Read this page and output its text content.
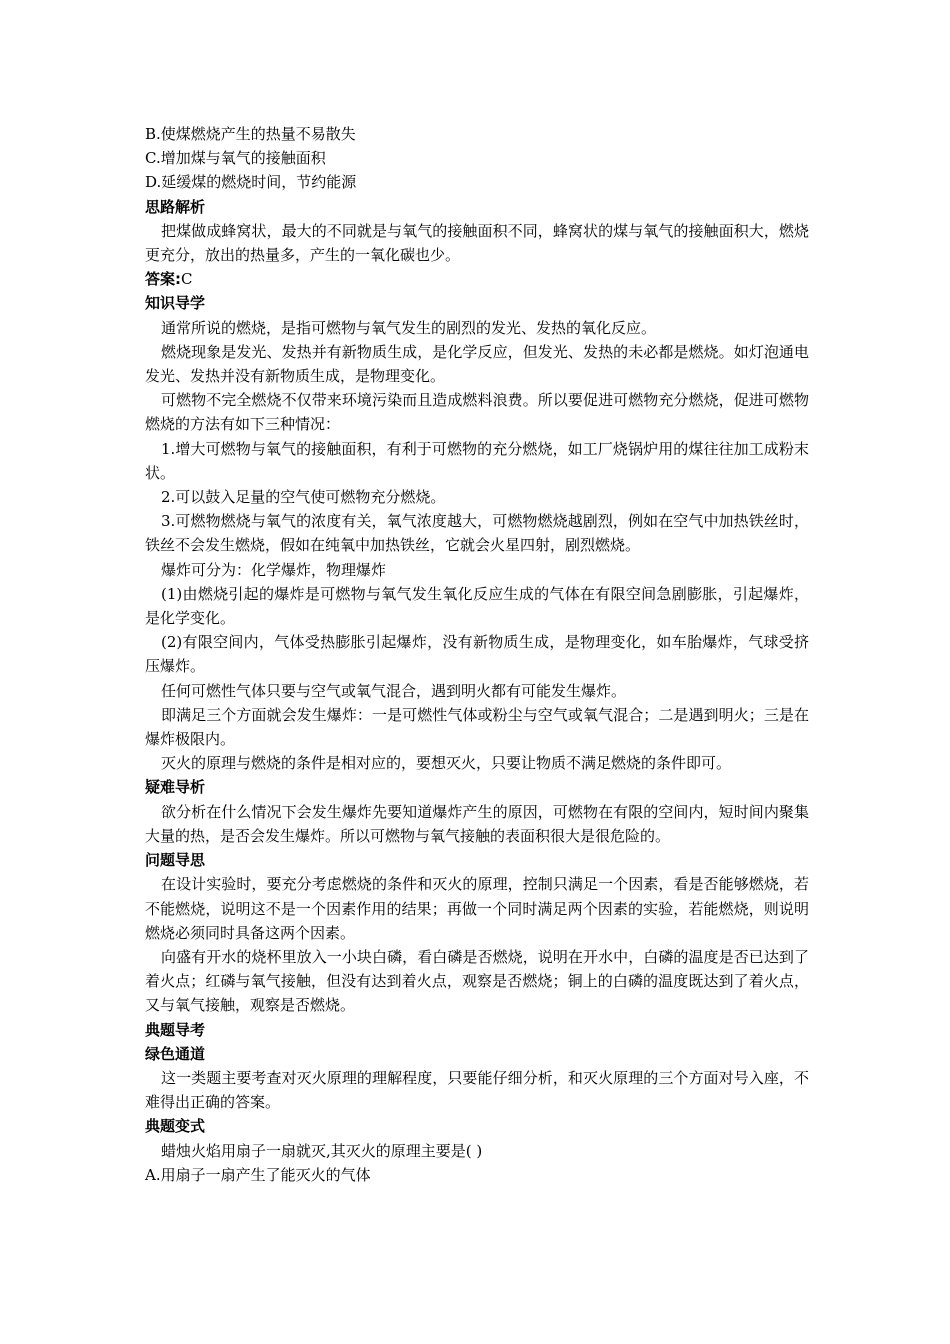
B.使煤燃烧产生的热量不易散失

C.增加煤与氧气的接触面积

D.延缓煤的燃烧时间，节约能源

思路解析

把煤做成蜂窝状，最大的不同就是与氧气的接触面积不同，蜂窝状的煤与氧气的接触面积大，燃烧更充分，放出的热量多，产生的一氧化碳也少。

答案:C

知识导学

通常所说的燃烧，是指可燃物与氧气发生的剧烈的发光、发热的氧化反应。

燃烧现象是发光、发热并有新物质生成，是化学反应，但发光、发热的未必都是燃烧。如灯泡通电发光、发热并没有新物质生成，是物理变化。

可燃物不完全燃烧不仅带来环境污染而且造成燃料浪费。所以要促进可燃物充分燃烧，促进可燃物燃烧的方法有如下三种情况：

1.增大可燃物与氧气的接触面积，有利于可燃物的充分燃烧，如工厂烧锅炉用的煤往往加工成粉末状。

2.可以鼓入足量的空气使可燃物充分燃烧。

3.可燃物燃烧与氧气的浓度有关，氧气浓度越大，可燃物燃烧越剧烈，例如在空气中加热铁丝时，铁丝不会发生燃烧，假如在纯氧中加热铁丝，它就会火星四射，剧烈燃烧。

爆炸可分为：化学爆炸，物理爆炸

(1)由燃烧引起的爆炸是可燃物与氧气发生氧化反应生成的气体在有限空间急剧膨胀，引起爆炸，是化学变化。

(2)有限空间内，气体受热膨胀引起爆炸，没有新物质生成，是物理变化，如车胎爆炸，气球受挤压爆炸。

任何可燃性气体只要与空气或氧气混合，遇到明火都有可能发生爆炸。

即满足三个方面就会发生爆炸：一是可燃性气体或粉尘与空气或氧气混合；二是遇到明火；三是在爆炸极限内。

灭火的原理与燃烧的条件是相对应的，要想灭火，只要让物质不满足燃烧的条件即可。

疑难导析

欲分析在什么情况下会发生爆炸先要知道爆炸产生的原因，可燃物在有限的空间内，短时间内聚集大量的热，是否会发生爆炸。所以可燃物与氧气接触的表面积很大是很危险的。

问题导思

在设计实验时，要充分考虑燃烧的条件和灭火的原理，控制只满足一个因素，看是否能够燃烧，若不能燃烧，说明这不是一个因素作用的结果；再做一个同时满足两个因素的实验，若能燃烧，则说明燃烧必须同时具备这两个因素。

向盛有开水的烧杯里放入一小块白磷，看白磷是否燃烧，说明在开水中，白磷的温度是否已达到了着火点；红磷与氧气接触，但没有达到着火点，观察是否燃烧；铜上的白磷的温度既达到了着火点，又与氧气接触，观察是否燃烧。

典题导考

绿色通道

这一类题主要考查对灭火原理的理解程度，只要能仔细分析，和灭火原理的三个方面对号入座，不难得出正确的答案。

典题变式

蜡烛火焰用扇子一扇就灭,其灭火的原理主要是( )

A.用扇子一扇产生了能灭火的气体
